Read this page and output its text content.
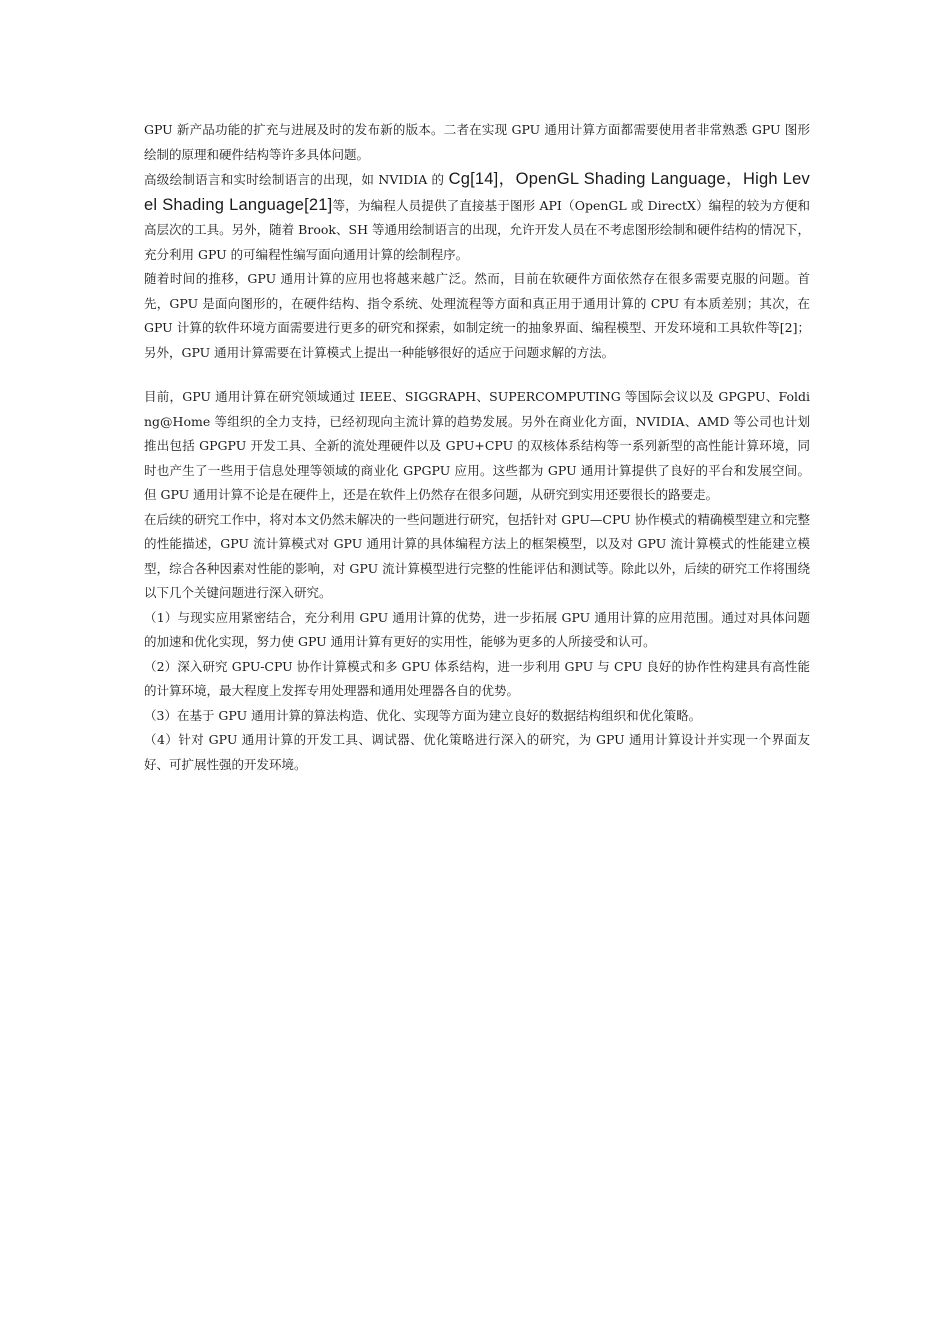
GPU 新产品功能的扩充与进展及时的发布新的版本。二者在实现 GPU 通用计算方面都需要使用者非常熟悉 GPU 图形绘制的原理和硬件结构等许多具体问题。

高级绘制语言和实时绘制语言的出现，如 NVIDIA 的 Cg[14]，OpenGL Shading Language，High Level Shading Language[21]等，为编程人员提供了直接基于图形 API（OpenGL 或 DirectX）编程的较为方便和高层次的工具。另外，随着 Brook、SH 等通用绘制语言的出现，允许开发人员在不考虑图形绘制和硬件结构的情况下，充分利用 GPU 的可编程性编写面向通用计算的绘制程序。

随着时间的推移，GPU 通用计算的应用也将越来越广泛。然而，目前在软硬件方面依然存在很多需要克服的问题。首先，GPU 是面向图形的，在硬件结构、指令系统、处理流程等方面和真正用于通用计算的 CPU 有本质差别；其次，在 GPU 计算的软件环境方面需要进行更多的研究和探索，如制定统一的抽象界面、编程模型、开发环境和工具软件等[2]；另外，GPU 通用计算需要在计算模式上提出一种能够很好的适应于问题求解的方法。

目前，GPU 通用计算在研究领域通过 IEEE、SIGGRAPH、SUPERCOMPUTING 等国际会议以及 GPGPU、Folding@Home 等组织的全力支持，已经初现向主流计算的趋势发展。另外在商业化方面，NVIDIA、AMD 等公司也计划推出包括 GPGPU 开发工具、全新的流处理硬件以及 GPU+CPU 的双核体系结构等一系列新型的高性能计算环境，同时也产生了一些用于信息处理等领域的商业化 GPGPU 应用。这些都为 GPU 通用计算提供了良好的平台和发展空间。但 GPU 通用计算不论是在硬件上，还是在软件上仍然存在很多问题，从研究到实用还要很长的路要走。

在后续的研究工作中，将对本文仍然未解决的一些问题进行研究，包括针对 GPU—CPU 协作模式的精确模型建立和完整的性能描述，GPU 流计算模式对 GPU 通用计算的具体编程方法上的框架模型，以及对 GPU 流计算模式的性能建立模型，综合各种因素对性能的影响，对 GPU 流计算模型进行完整的性能评估和测试等。除此以外，后续的研究工作将围绕以下几个关键问题进行深入研究。

（1）与现实应用紧密结合，充分利用 GPU 通用计算的优势，进一步拓展 GPU 通用计算的应用范围。通过对具体问题的加速和优化实现，努力使 GPU 通用计算有更好的实用性，能够为更多的人所接受和认可。

（2）深入研究 GPU-CPU 协作计算模式和多 GPU 体系结构，进一步利用 GPU 与 CPU 良好的协作性构建具有高性能的计算环境，最大程度上发挥专用处理器和通用处理器各自的优势。

（3）在基于 GPU 通用计算的算法构造、优化、实现等方面为建立良好的数据结构组织和优化策略。

（4）针对 GPU 通用计算的开发工具、调试器、优化策略进行深入的研究，为 GPU 通用计算设计并实现一个界面友好、可扩展性强的开发环境。
